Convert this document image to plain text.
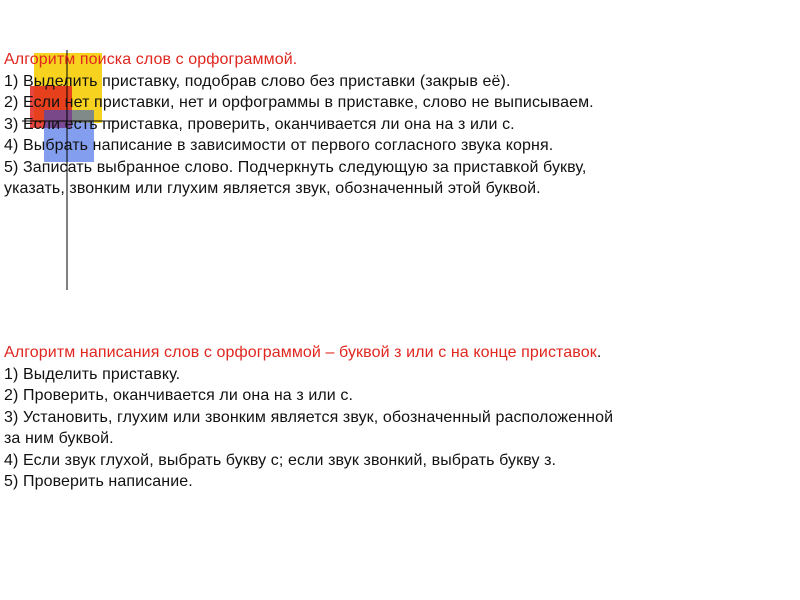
Алгоритм поиска слов с орфограммой.
1) Выделить приставку, подобрав слово без приставки (закрыв её).
2) Если нет приставки, нет и орфограммы в приставке, слово не выписываем.
3) Если есть приставка, проверить, оканчивается ли она на з или с.
4) Выбрать написание в зависимости от первого согласного звука корня.
5) Записать выбранное слово. Подчеркнуть следующую за приставкой букву,
указать, звонким или глухим является звук, обозначенный этой буквой.
Алгоритм написания слов с орфограммой – буквой з или с на конце приставок.
1) Выделить приставку.
2) Проверить, оканчивается ли она на з или с.
3) Установить, глухим или звонким является звук, обозначенный расположенной
за ним буквой.
4) Если звук глухой, выбрать букву с; если звук звонкий, выбрать букву з.
5) Проверить написание.
